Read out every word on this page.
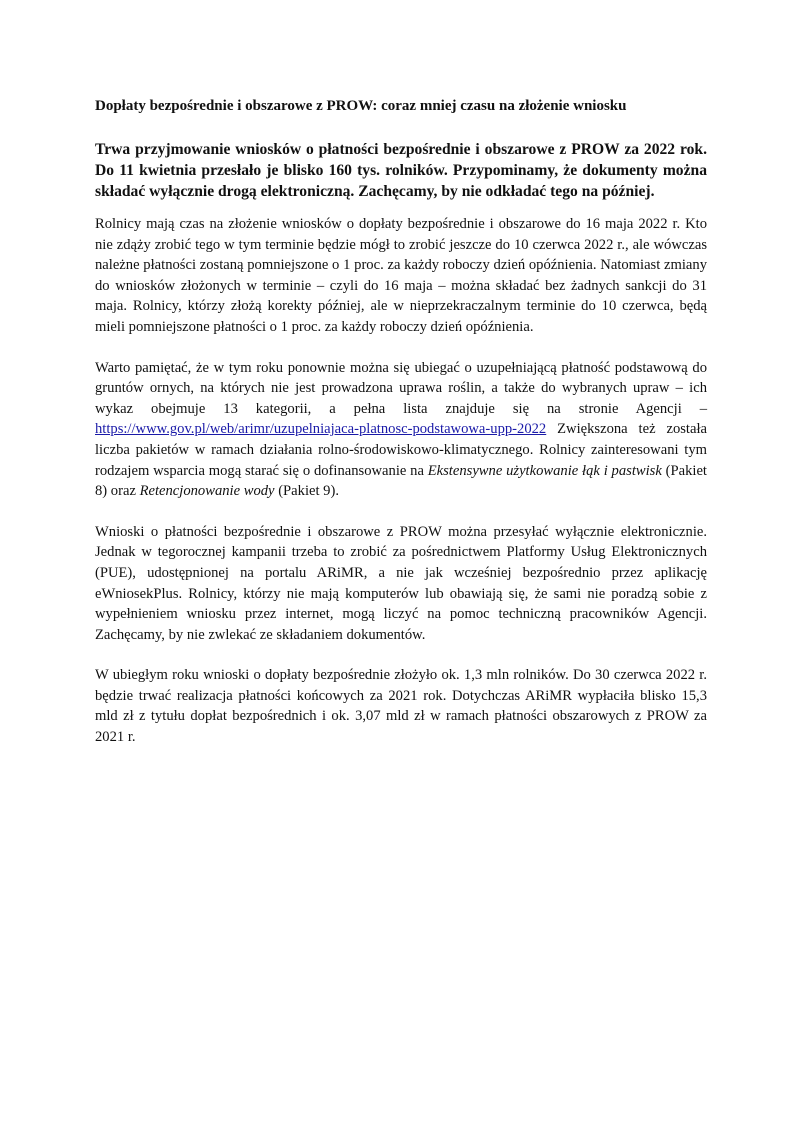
Dopłaty bezpośrednie i obszarowe z PROW: coraz mniej czasu na złożenie wniosku

Trwa przyjmowanie wniosków o płatności bezpośrednie i obszarowe z PROW za 2022 rok. Do 11 kwietnia przesłało je blisko 160 tys. rolników. Przypominamy, że dokumenty można składać wyłącznie drogą elektroniczną. Zachęcamy, by nie odkładać tego na później.

Rolnicy mają czas na złożenie wniosków o dopłaty bezpośrednie i obszarowe do 16 maja 2022 r. Kto nie zdąży zrobić tego w tym terminie będzie mógł to zrobić jeszcze do 10 czerwca 2022 r., ale wówczas należne płatności zostaną pomniejszone o 1 proc. za każdy roboczy dzień opóźnienia. Natomiast zmiany do wniosków złożonych w terminie – czyli do 16 maja – można składać bez żadnych sankcji do 31 maja. Rolnicy, którzy złożą korekty później, ale w nieprzekraczalnym terminie do 10 czerwca, będą mieli pomniejszone płatności o 1 proc. za każdy roboczy dzień opóźnienia.

Warto pamiętać, że w tym roku ponownie można się ubiegać o uzupełniającą płatność podstawową do gruntów ornych, na których nie jest prowadzona uprawa roślin, a także do wybranych upraw – ich wykaz obejmuje 13 kategorii, a pełna lista znajduje się na stronie Agencji – https://www.gov.pl/web/arimr/uzupelniajaca-platnosc-podstawowa-upp-2022 Zwiększona też została liczba pakietów w ramach działania rolno-środowiskowo-klimatycznego. Rolnicy zainteresowani tym rodzajem wsparcia mogą starać się o dofinansowanie na Ekstensywne użytkowanie łąk i pastwisk (Pakiet 8) oraz Retencjonowanie wody (Pakiet 9).

Wnioski o płatności bezpośrednie i obszarowe z PROW można przesyłać wyłącznie elektronicznie. Jednak w tegorocznej kampanii trzeba to zrobić za pośrednictwem Platformy Usług Elektronicznych (PUE), udostępnionej na portalu ARiMR, a nie jak wcześniej bezpośrednio przez aplikację eWniosekPlus. Rolnicy, którzy nie mają komputerów lub obawiają się, że sami nie poradzą sobie z wypełnieniem wniosku przez internet, mogą liczyć na pomoc techniczną pracowników Agencji. Zachęcamy, by nie zwlekać ze składaniem dokumentów.

W ubiegłym roku wnioski o dopłaty bezpośrednie złożyło ok. 1,3 mln rolników. Do 30 czerwca 2022 r. będzie trwać realizacja płatności końcowych za 2021 rok. Dotychczas ARiMR wypłaciła blisko 15,3 mld zł z tytułu dopłat bezpośrednich i ok. 3,07 mld zł w ramach płatności obszarowych z PROW za 2021 r.
